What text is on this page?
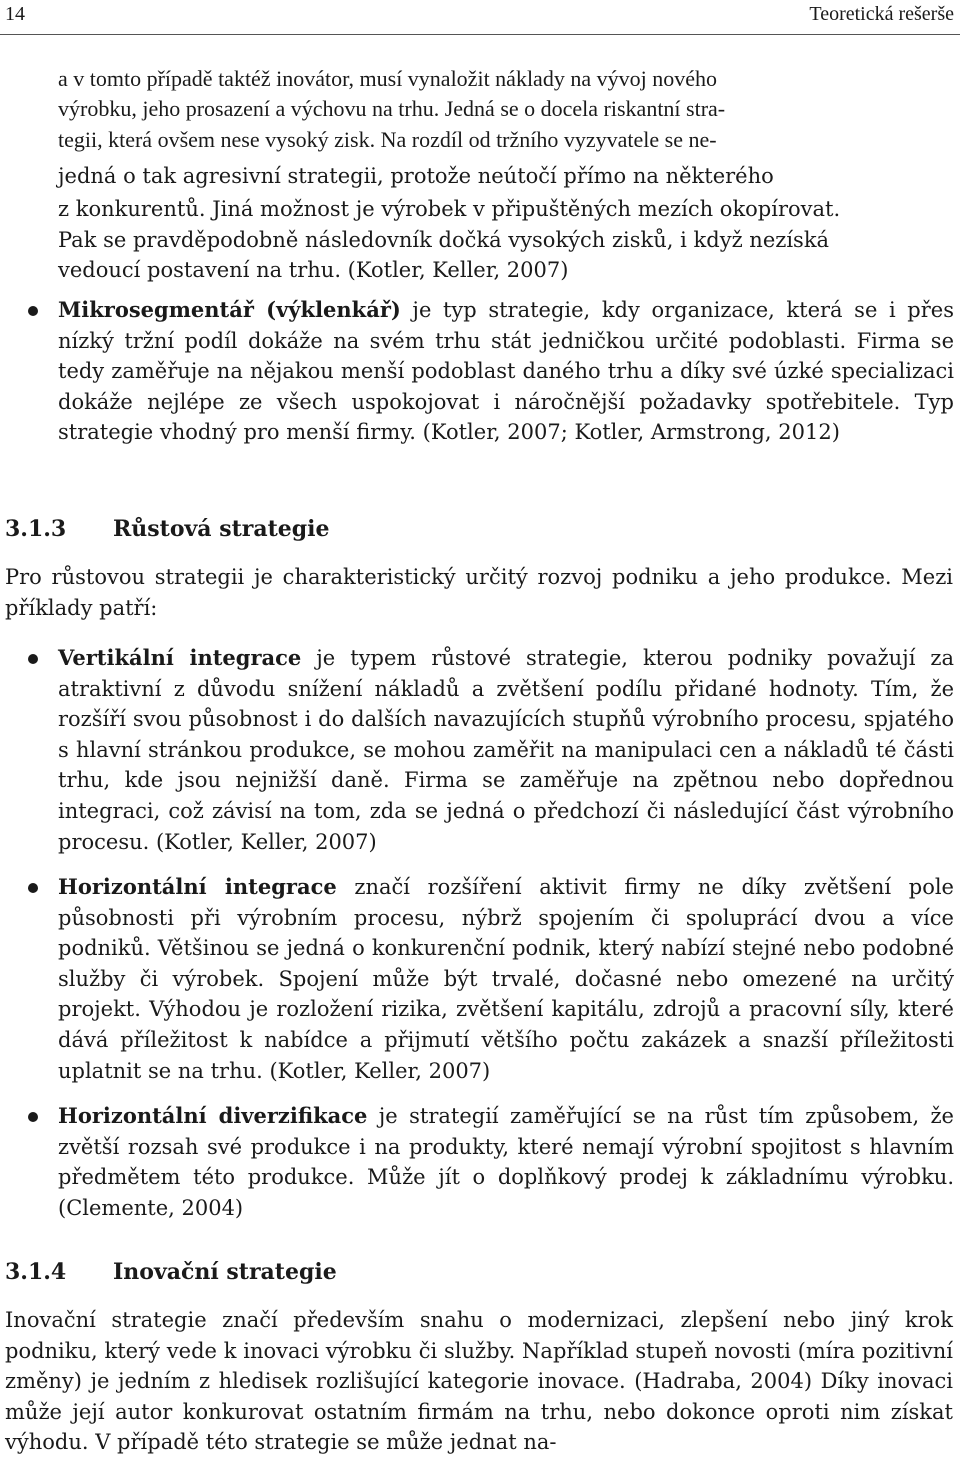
14	Teoretická rešerše

a v tomto případě taktéž inovátor, musí vynaložit náklady na vývoj nového

výrobku, jeho prosazení a výchovu na trhu. Jedná se o docela riskantní stra-

tegii, která ovšem nese vysoký zisk. Na rozdíl od tržního vyzyvatele se ne-

jedná o tak agresivní strategii, protože neútočí přímo na některého

z konkurentů. Jiná možnost je výrobek v připuštěných mezích okopírovat.

Pak se pravděpodobně následovník dočká vysokých zisků, i když nezíská

vedoucí postavení na trhu. (Kotler, Keller, 2007)

Mikrosegmentář (výklenkář) je typ strategie, kdy organizace, která se i přes nízký tržní podíl dokáže na svém trhu stát jedničkou určité podoblasti. Firma se tedy zaměřuje na nějakou menší podoblast daného trhu a díky své úzké specializaci dokáže nejlépe ze všech uspokojovat i náročnější požadavky spotřebitele. Typ strategie vhodný pro menší firmy. (Kotler, 2007; Kotler, Armstrong, 2012)

3.1.3 Růstová strategie

Pro růstovou strategii je charakteristický určitý rozvoj podniku a jeho produkce. Mezi příklady patří:

Vertikální integrace je typem růstové strategie, kterou podniky považují za atraktivní z důvodu snížení nákladů a zvětšení podílu přidané hodnoty. Tím, že rozšíří svou působnost i do dalších navazujících stupňů výrobního procesu, spjatého s hlavní stránkou produkce, se mohou zaměřit na manipulaci cen a nákladů té části trhu, kde jsou nejnižší daně. Firma se zaměřuje na zpětnou nebo dopřednou integraci, což závisí na tom, zda se jedná o předchozí či následující část výrobního procesu. (Kotler, Keller, 2007)

Horizontální integrace značí rozšíření aktivit firmy ne díky zvětšení pole působnosti při výrobním procesu, nýbrž spojením či spoluprácí dvou a více podniků. Většinou se jedná o konkurenční podnik, který nabízí stejné nebo podobné služby či výrobek. Spojení může být trvalé, dočasné nebo omezené na určitý projekt. Výhodou je rozložení rizika, zvětšení kapitálu, zdrojů a pracovní síly, které dává příležitost k nabídce a přijmutí většího počtu zakázek a snazší příležitosti uplatnit se na trhu. (Kotler, Keller, 2007)

Horizontální diverzifikace je strategií zaměřující se na růst tím způsobem, že zvětší rozsah své produkce i na produkty, které nemají výrobní spojitost s hlavním předmětem této produkce. Může jít o doplňkový prodej k základnímu výrobku. (Clemente, 2004)

3.1.4 Inovační strategie

Inovační strategie značí především snahu o modernizaci, zlepšení nebo jiný krok podniku, který vede k inovaci výrobku či služby. Například stupeň novosti (míra pozitivní změny) je jedním z hledisek rozlišující kategorie inovace. (Hadraba, 2004) Díky inovaci může její autor konkurovat ostatním firmám na trhu, nebo dokonce oproti nim získat výhodu. V případě této strategie se může jednat na-
